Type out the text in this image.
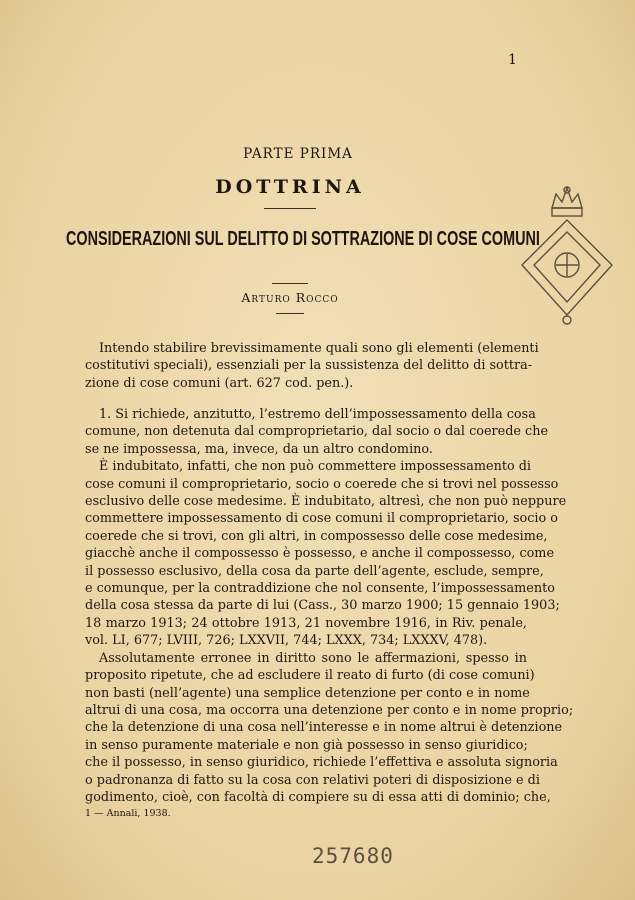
1
PARTE PRIMA
DOTTRINA
CONSIDERAZIONI SUL DELITTO DI SOTTRAZIONE DI COSE COMUNI
Arturo Rocco
Intendo stabilire brevissimamente quali sono gli elementi (elementi
costitutivi speciali), essenziali per la sussistenza del delitto di sottra-
zione di cose comuni (art. 627 cod. pen.).
1. Si richiede, anzitutto, l’estremo dell’impossessamento della cosa
comune, non detenuta dal comproprietario, dal socio o dal coerede che
se ne impossessa, ma, invece, da un altro condomino.
È indubitato, infatti, che non può commettere impossessamento di
cose comuni il comproprietario, socio o coerede che si trovi nel possesso
esclusivo delle cose medesime. È indubitato, altresì, che non può neppure
commettere impossessamento di cose comuni il comproprietario, socio o
coerede che si trovi, con gli altri, in compossesso delle cose medesime,
giacchè anche il compossesso è possesso, e anche il compossesso, come
il possesso esclusivo, della cosa da parte dell’agente, esclude, sempre,
e comunque, per la contraddizione che nol consente, l’impossessamento
della cosa stessa da parte di lui (Cass., 30 marzo 1900; 15 gennaio 1903;
18 marzo 1913; 24 ottobre 1913, 21 novembre 1916, in Riv. penale,
vol. LI, 677; LVIII, 726; LXXVII, 744; LXXX, 734; LXXXV, 478).
Assolutamente erronee in diritto sono le affermazioni, spesso in
proposito ripetute, che ad escludere il reato di furto (di cose comuni)
non basti (nell’agente) una semplice detenzione per conto e in nome
altrui di una cosa, ma occorra una detenzione per conto e in nome proprio;
che la detenzione di una cosa nell’interesse e in nome altrui è detenzione
in senso puramente materiale e non già possesso in senso giuridico;
che il possesso, in senso giuridico, richiede l’effettiva e assoluta signoria
o padronanza di fatto su la cosa con relativi poteri di disposizione e di
godimento, cioè, con facoltà di compiere su di essa atti di dominio; che,
1 — Annali, 1938.
257680
